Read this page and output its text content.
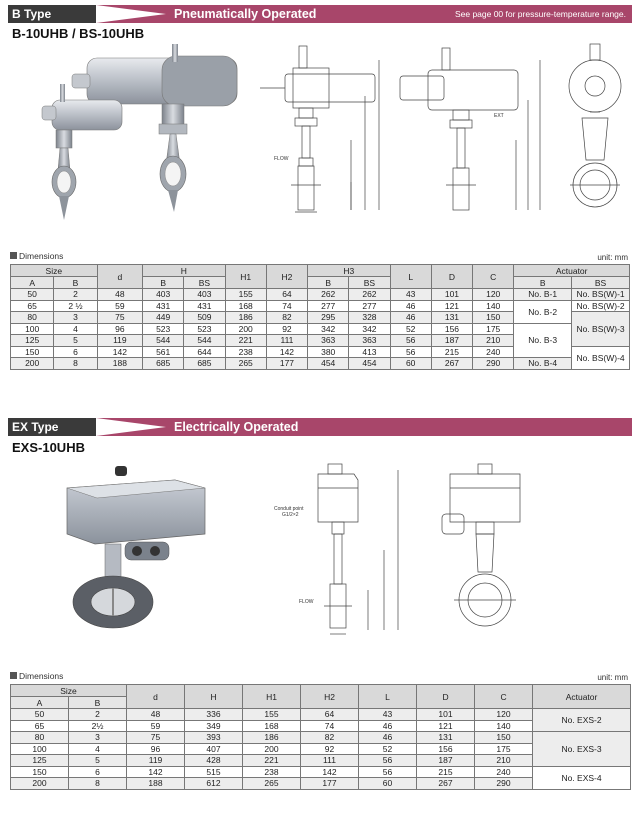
B Type	Pneumatically Operated	See page 00 for pressure-temperature range.
B-10UHB / BS-10UHB
FLOW
EXT
Dimensions	unit: mm
Size		d	H		H1	H2	H3		L	D	C	Actuator	
A	B		B	BS			B	BS				B	BS
50	2	48	403	403	155	64	262	262	43	101	120	No. B-1	No. BS(W)-1
65	2 ½	59	431	431	168	74	277	277	46	121	140	No. B-2	No. BS(W)-2
80	3	75	449	509	186	82	295	328	46	131	150		No. BS(W)-3
100	4	96	523	523	200	92	342	342	52	156	175	No. B-3	
125	5	119	544	544	221	111	363	363	56	187	210		
150	6	142	561	644	238	142	380	413	56	215	240		No. BS(W)-4
200	8	188	685	685	265	177	454	454	60	267	290	No. B-4	
EX Type	Electrically Operated
EXS-10UHB
Conduit point
G1/2×2
FLOW
Dimensions	unit: mm
Size		d	H	H1	H2	L	D	C	Actuator
A	B								
50	2	48	336	155	64	43	101	120	No. EXS-2
65	2½	59	349	168	74	46	121	140	
80	3	75	393	186	82	46	131	150	No. EXS-3
100	4	96	407	200	92	52	156	175	
125	5	119	428	221	111	56	187	210	
150	6	142	515	238	142	56	215	240	No. EXS-4
200	8	188	612	265	177	60	267	290	
